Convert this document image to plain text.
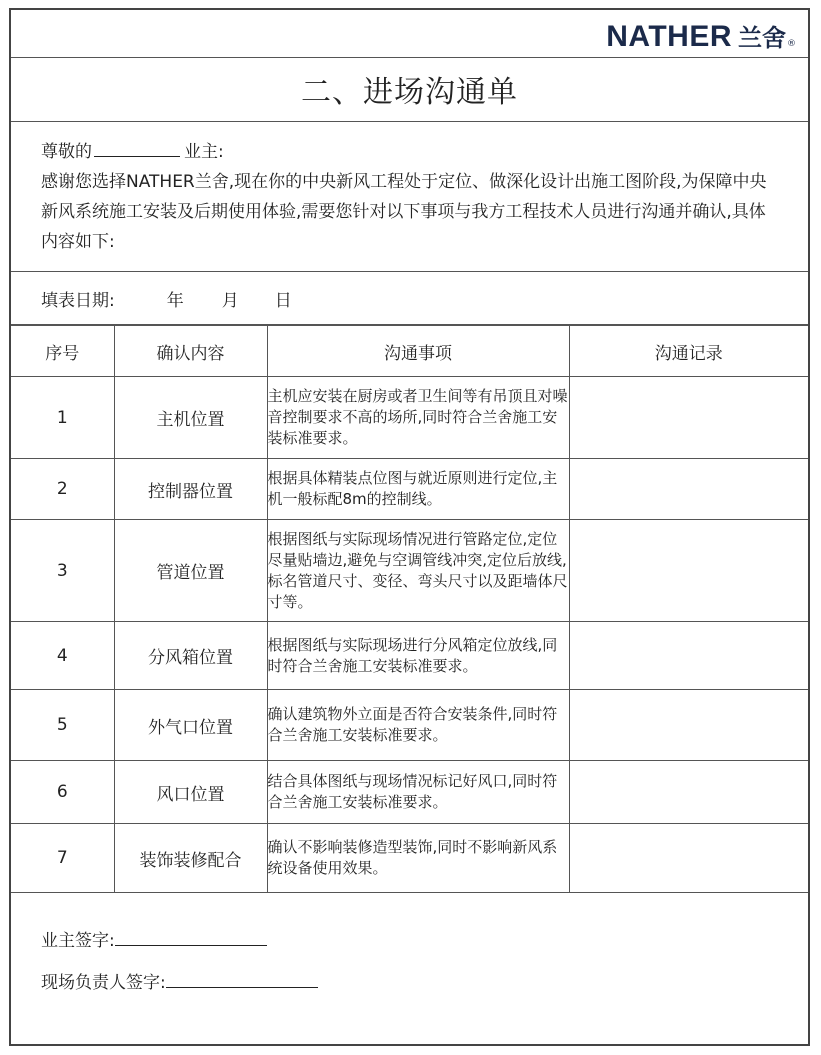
NATHER 兰舍 ®
二、进场沟通单

尊敬的	业主:

感谢您选择NATHER兰舍,现在你的中央新风工程处于定位、做深化设计出施工图阶段,为保障中央新风系统施工安装及后期使用体验,需要您针对以下事项与我方工程技术人员进行沟通并确认,具体内容如下:

填表日期:	年 月 日
序号	确认内容	沟通事项	沟通记录
1	主机位置	主机应安装在厨房或者卫生间等有吊顶且对噪音控制要求不高的场所,同时符合兰舍施工安装标准要求。	
2	控制器位置	根据具体精装点位图与就近原则进行定位,主机一般标配8m的控制线。	
3	管道位置	根据图纸与实际现场情况进行管路定位,定位尽量贴墙边,避免与空调管线冲突,定位后放线,标名管道尺寸、变径、弯头尺寸以及距墙体尺寸等。	
4	分风箱位置	根据图纸与实际现场进行分风箱定位放线,同时符合兰舍施工安装标准要求。	
5	外气口位置	确认建筑物外立面是否符合安装条件,同时符合兰舍施工安装标准要求。	
6	风口位置	结合具体图纸与现场情况标记好风口,同时符合兰舍施工安装标准要求。	
7	装饰装修配合	确认不影响装修造型装饰,同时不影响新风系统设备使用效果。	
业主签字:
现场负责人签字:
